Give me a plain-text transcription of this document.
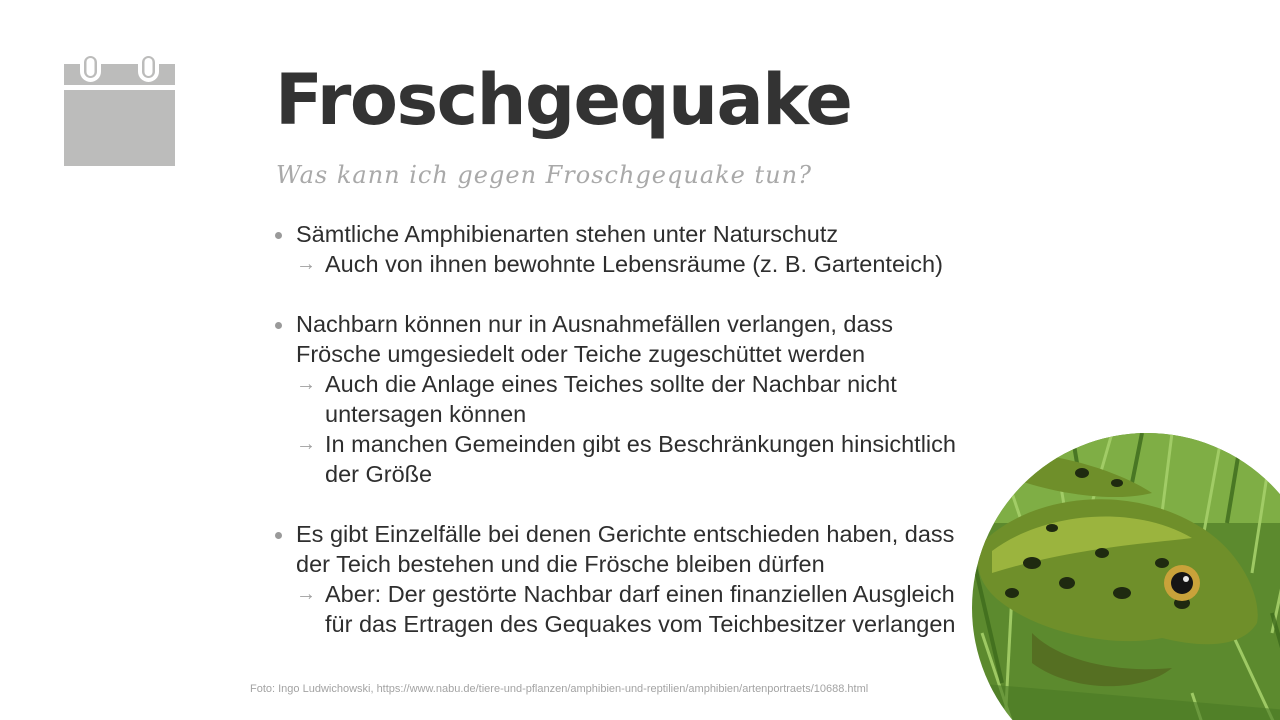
Froschgequake

Was kann ich gegen Froschgequake tun?

Sämtliche Amphibienarten stehen unter Naturschutz
→ Auch von ihnen bewohnte Lebensräume (z. B. Gartenteich)
Nachbarn können nur in Ausnahmefällen verlangen, dass Frösche umgesiedelt oder Teiche zugeschüttet werden
→ Auch die Anlage eines Teiches sollte der Nachbar nicht untersagen können
→ In manchen Gemeinden gibt es Beschränkungen hinsichtlich der Größe
Es gibt Einzelfälle bei denen Gerichte entschieden haben, dass der Teich bestehen und die Frösche bleiben dürfen
→ Aber: Der gestörte Nachbar darf einen finanziellen Ausgleich für das Ertragen des Gequakes vom Teichbesitzer verlangen
Foto: Ingo Ludwichowski, https://www.nabu.de/tiere-und-pflanzen/amphibien-und-reptilien/amphibien/artenportraets/10688.html
